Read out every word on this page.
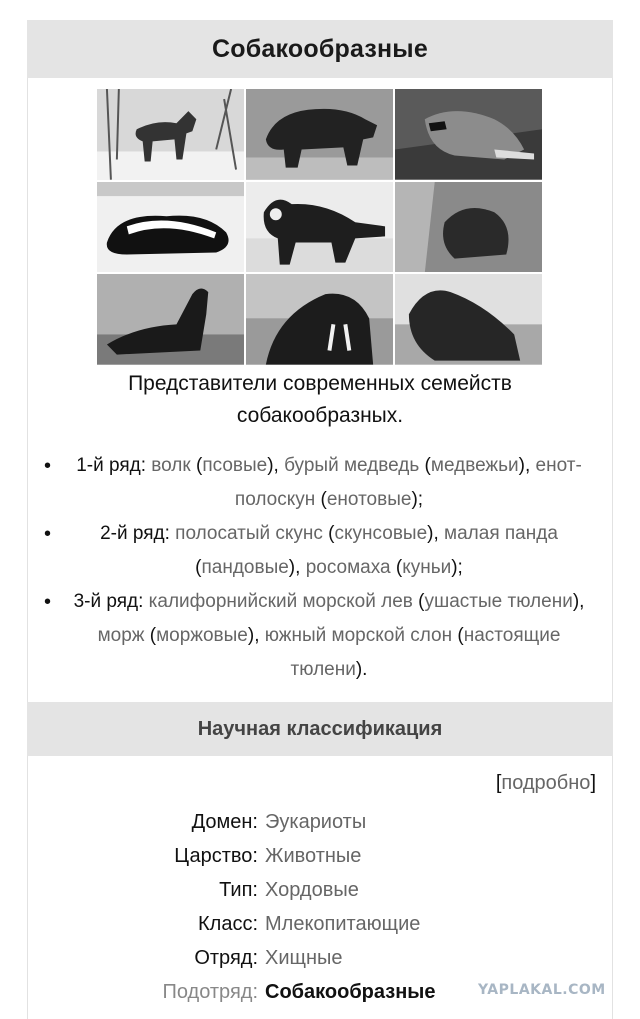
Собакообразные
Представители современных семейств
собакообразных.
• 1-й ряд: волк (псовые), бурый медведь (медвежьи), енот-полоскун (енотовые);
• 2-й ряд: полосатый скунс (скунсовые), малая панда (пандовые), росомаха (куньи);
• 3-й ряд: калифорнийский морской лев (ушастые тюлени), морж (моржовые), южный морской слон (настоящие тюлени).
Научная классификация
[подробно]
Домен: Эукариоты
Царство: Животные
Тип: Хордовые
Класс: Млекопитающие
Отряд: Хищные
Подотряд: Собакообразные	YAPLAKAL.COM
